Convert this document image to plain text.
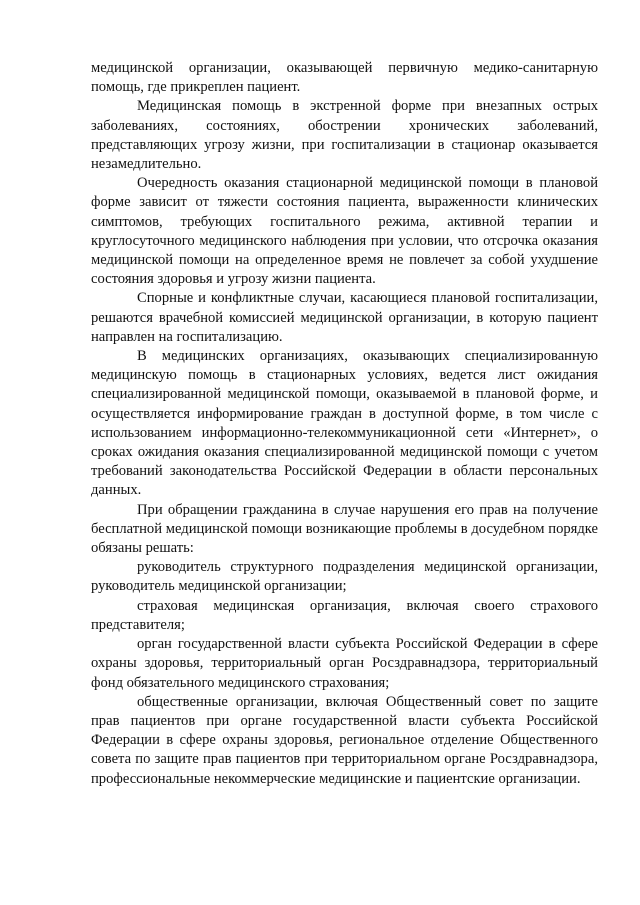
медицинской организации, оказывающей первичную медико-санитарную помощь, где прикреплен пациент.

Медицинская помощь в экстренной форме при внезапных острых заболеваниях, состояниях, обострении хронических заболеваний, представляющих угрозу жизни, при госпитализации в стационар оказывается незамедлительно.

Очередность оказания стационарной медицинской помощи в плановой форме зависит от тяжести состояния пациента, выраженности клинических симптомов, требующих госпитального режима, активной терапии и круглосуточного медицинского наблюдения при условии, что отсрочка оказания медицинской помощи на определенное время не повлечет за собой ухудшение состояния здоровья и угрозу жизни пациента.

Спорные и конфликтные случаи, касающиеся плановой госпитализации, решаются врачебной комиссией медицинской организации, в которую пациент направлен на госпитализацию.

В медицинских организациях, оказывающих специализированную медицинскую помощь в стационарных условиях, ведется лист ожидания специализированной медицинской помощи, оказываемой в плановой форме, и осуществляется информирование граждан в доступной форме, в том числе с использованием информационно-телекоммуникационной сети «Интернет», о сроках ожидания оказания специализированной медицинской помощи с учетом требований законодательства Российской Федерации в области персональных данных.

При обращении гражданина в случае нарушения его прав на получение бесплатной медицинской помощи возникающие проблемы в досудебном порядке обязаны решать:

руководитель структурного подразделения медицинской организации, руководитель медицинской организации;

страховая медицинская организация, включая своего страхового представителя;

орган государственной власти субъекта Российской Федерации в сфере охраны здоровья, территориальный орган Росздравнадзора, территориальный фонд обязательного медицинского страхования;

общественные организации, включая Общественный совет по защите прав пациентов при органе государственной власти субъекта Российской Федерации в сфере охраны здоровья, региональное отделение Общественного совета по защите прав пациентов при территориальном органе Росздравнадзора, профессиональные некоммерческие медицинские и пациентские организации.
